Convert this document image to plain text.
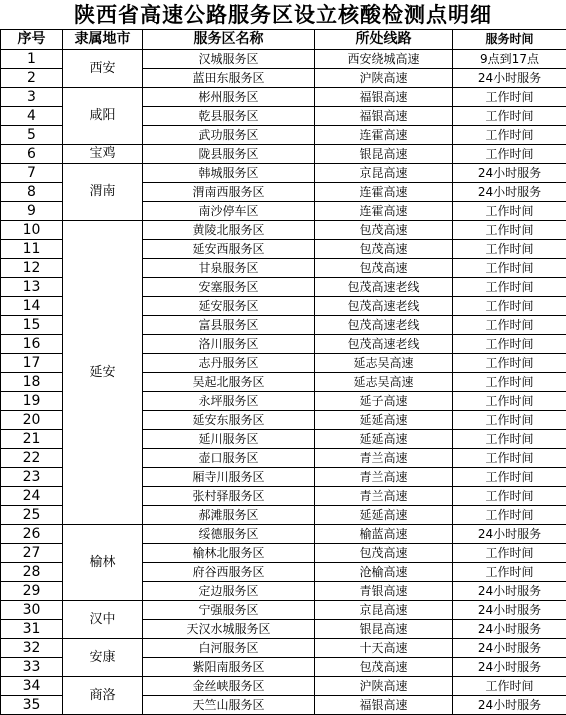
陕西省高速公路服务区设立核酸检测点明细
序号	隶属地市	服务区名称	所处线路	服务时间
1	西安	汉城服务区	西安绕城高速	9点到17点
2		蓝田东服务区	沪陕高速	24小时服务
3	咸阳	彬州服务区	福银高速	工作时间
4		乾县服务区	福银高速	工作时间
5		武功服务区	连霍高速	工作时间
6	宝鸡	陇县服务区	银昆高速	工作时间
7	渭南	韩城服务区	京昆高速	24小时服务
8		渭南西服务区	连霍高速	24小时服务
9		南沙停车区	连霍高速	工作时间
10	延安	黄陵北服务区	包茂高速	工作时间
11		延安西服务区	包茂高速	工作时间
12		甘泉服务区	包茂高速	工作时间
13		安塞服务区	包茂高速老线	工作时间
14		延安服务区	包茂高速老线	工作时间
15		富县服务区	包茂高速老线	工作时间
16		洛川服务区	包茂高速老线	工作时间
17		志丹服务区	延志吴高速	工作时间
18		吴起北服务区	延志吴高速	工作时间
19		永坪服务区	延子高速	工作时间
20		延安东服务区	延延高速	工作时间
21		延川服务区	延延高速	工作时间
22		壶口服务区	青兰高速	工作时间
23		厢寺川服务区	青兰高速	工作时间
24		张村驿服务区	青兰高速	工作时间
25		郝滩服务区	延延高速	工作时间
26	榆林	绥德服务区	榆蓝高速	24小时服务
27		榆林北服务区	包茂高速	工作时间
28		府谷西服务区	沧榆高速	工作时间
29		定边服务区	青银高速	24小时服务
30	汉中	宁强服务区	京昆高速	24小时服务
31		天汉水城服务区	银昆高速	24小时服务
32	安康	白河服务区	十天高速	24小时服务
33		紫阳南服务区	包茂高速	24小时服务
34	商洛	金丝峡服务区	沪陕高速	工作时间
35		天竺山服务区	福银高速	24小时服务
